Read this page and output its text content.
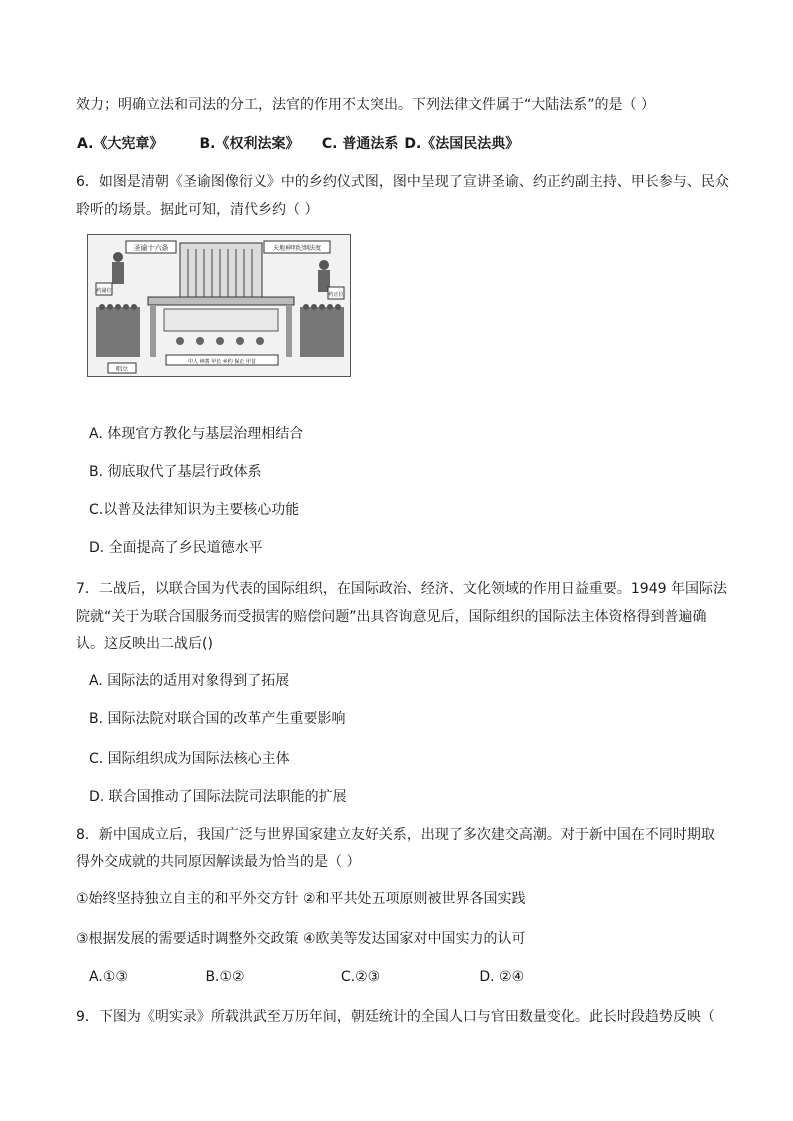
效力；明确立法和司法的分工，法官的作用不太突出。下列法律文件属于“大陆法系”的是（ ）
A.《大宪章》	B.《权利法案》 C. 普通法系 D.《法国民法典》
6．如图是清朝《圣谕图像衍义》中的乡约仪式图，图中呈现了宣讲圣谕、约正约副主持、甲长参与、民众
聆听的场景。据此可知，清代乡约（ ）
圣谕十六条	天地神明纪纲法度
约副位
约正位
中人 绅耆 甲长 乡约 保正 甲首
唱立
A. 体现官方教化与基层治理相结合
B. 彻底取代了基层行政体系
C.以普及法律知识为主要核心功能
D. 全面提高了乡民道德水平
7．二战后，以联合国为代表的国际组织，在国际政治、经济、文化领域的作用日益重要。1949 年国际法
院就“关于为联合国服务而受损害的赔偿问题”出具咨询意见后，国际组织的国际法主体资格得到普遍确
认。这反映出二战后()
A. 国际法的适用对象得到了拓展
B. 国际法院对联合国的改革产生重要影响
C. 国际组织成为国际法核心主体
D. 联合国推动了国际法院司法职能的扩展
8．新中国成立后，我国广泛与世界国家建立友好关系，出现了多次建交高潮。对于新中国在不同时期取
得外交成就的共同原因解读最为恰当的是（ ）
①始终坚持独立自主的和平外交方针 ②和平共处五项原则被世界各国实践
③根据发展的需要适时调整外交政策 ④欧美等发达国家对中国实力的认可
A.①③	B.①②	C.②③	D. ②④
9．下图为《明实录》所载洪武至万历年间，朝廷统计的全国人口与官田数量变化。此长时段趋势反映（
